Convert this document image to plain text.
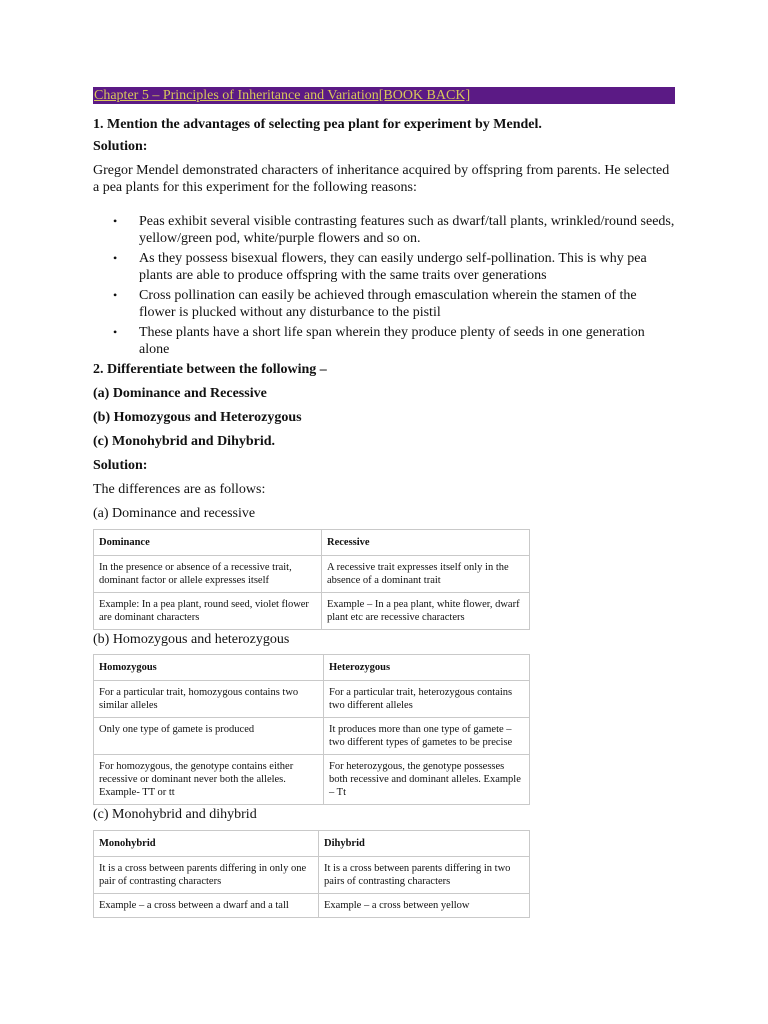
Chapter 5 – Principles of Inheritance and Variation[BOOK BACK]

1. Mention the advantages of selecting pea plant for experiment by Mendel.

Solution:

Gregor Mendel demonstrated characters of inheritance acquired by offspring from parents. He selected a pea plants for this experiment for the following reasons:

• Peas exhibit several visible contrasting features such as dwarf/tall plants, wrinkled/round seeds, yellow/green pod, white/purple flowers and so on.
• As they possess bisexual flowers, they can easily undergo self-pollination. This is why pea plants are able to produce offspring with the same traits over generations
• Cross pollination can easily be achieved through emasculation wherein the stamen of the flower is plucked without any disturbance to the pistil
• These plants have a short life span wherein they produce plenty of seeds in one generation alone

2. Differentiate between the following –

(a) Dominance and Recessive

(b) Homozygous and Heterozygous

(c) Monohybrid and Dihybrid.

Solution:

The differences are as follows:

(a) Dominance and recessive

Dominance	Recessive
In the presence or absence of a recessive trait, dominant factor or allele expresses itself	A recessive trait expresses itself only in the absence of a dominant trait
Example: In a pea plant, round seed, violet flower are dominant characters	Example – In a pea plant, white flower, dwarf plant etc are recessive characters

(b) Homozygous and heterozygous

Homozygous	Heterozygous
For a particular trait, homozygous contains two similar alleles	For a particular trait, heterozygous contains two different alleles
Only one type of gamete is produced	It produces more than one type of gamete – two different types of gametes to be precise
For homozygous, the genotype contains either recessive or dominant never both the alleles. Example- TT or tt	For heterozygous, the genotype possesses both recessive and dominant alleles. Example – Tt

(c) Monohybrid and dihybrid

Monohybrid	Dihybrid
It is a cross between parents differing in only one pair of contrasting characters	It is a cross between parents differing in two pairs of contrasting characters
Example – a cross between a dwarf and a tall	Example – a cross between yellow
